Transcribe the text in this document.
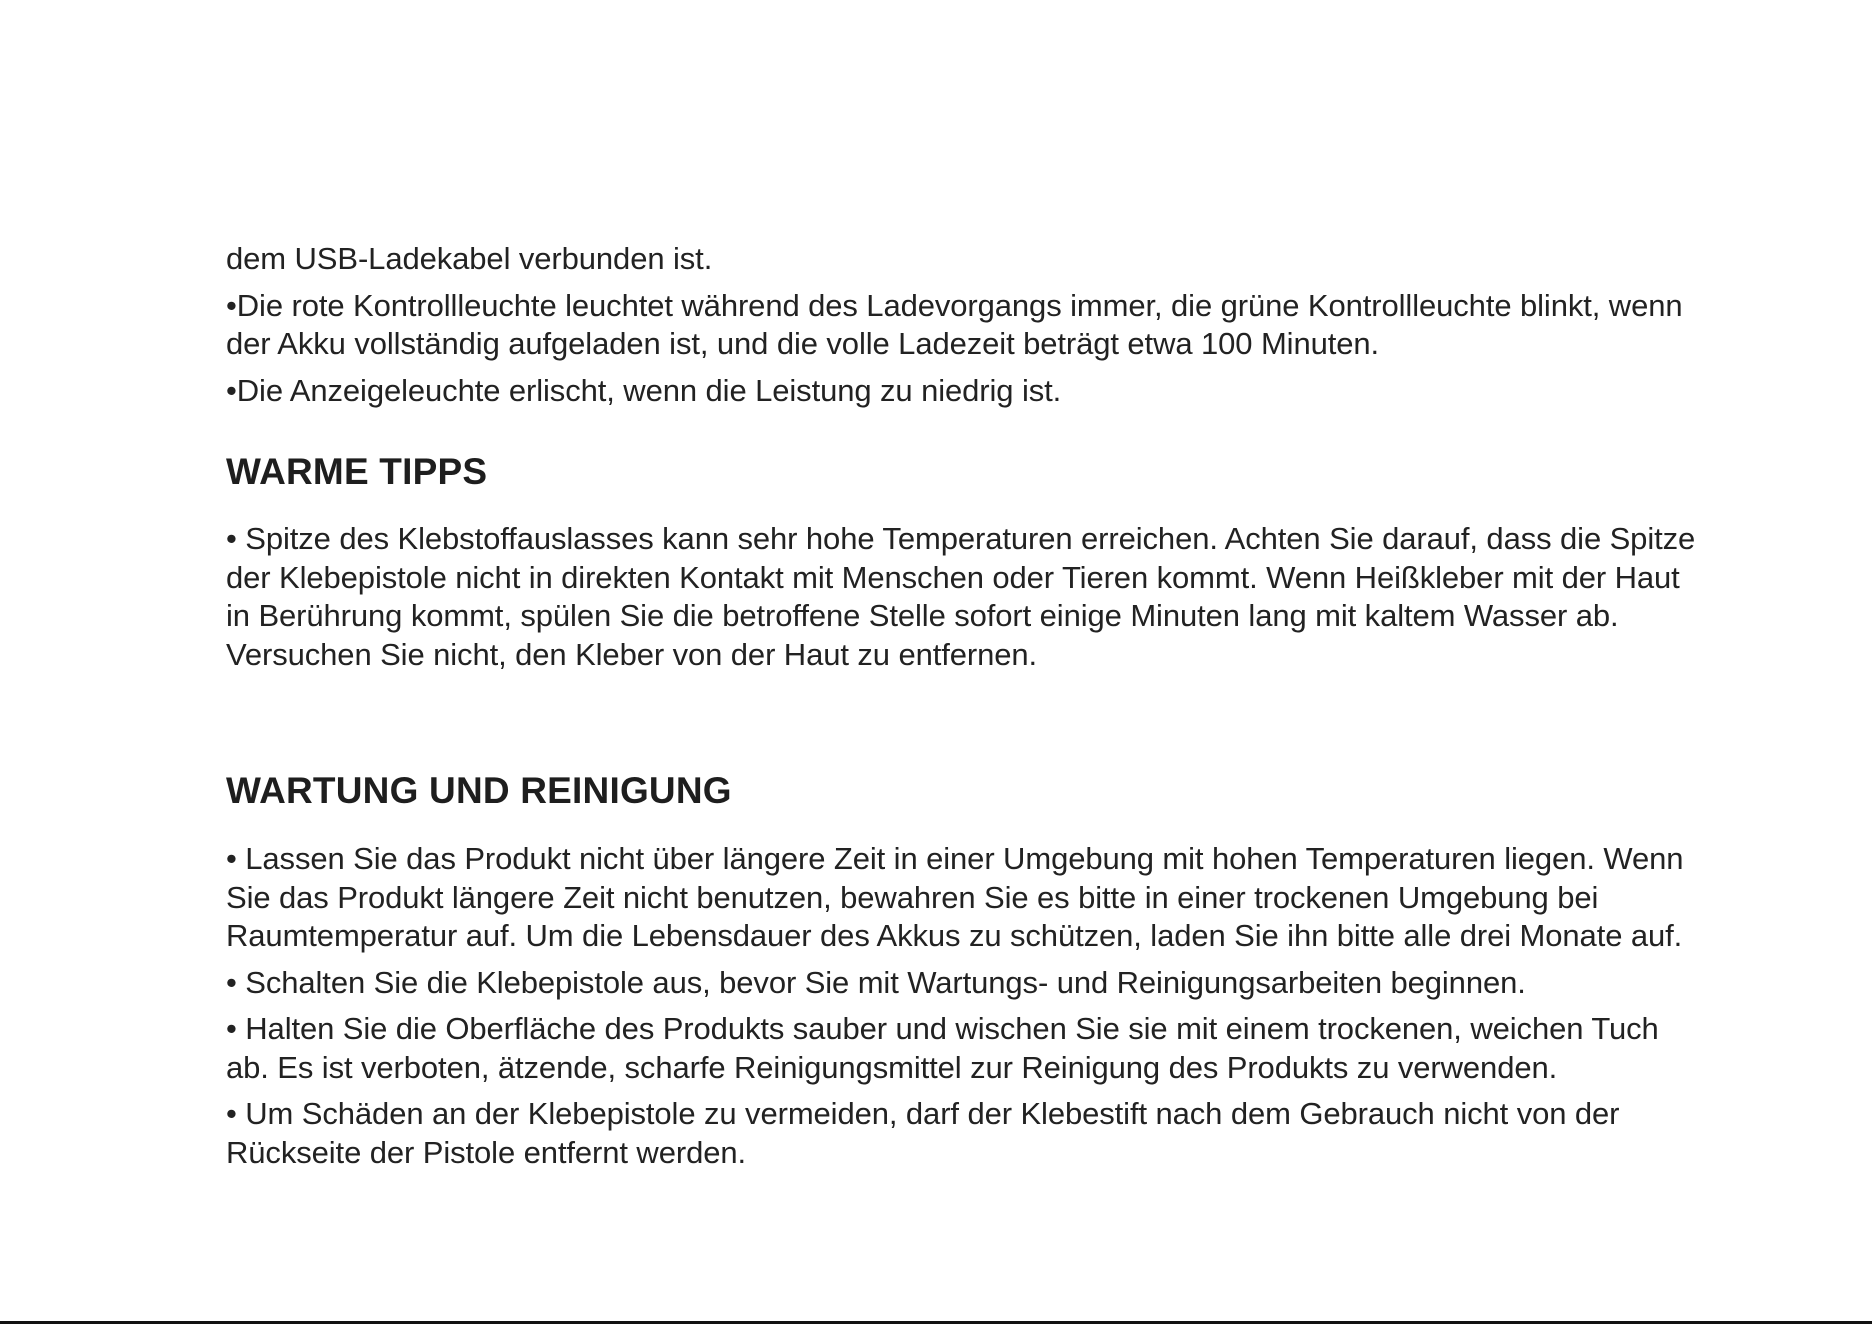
dem USB-Ladekabel verbunden ist.

•Die rote Kontrollleuchte leuchtet während des Ladevorgangs immer, die grüne Kontrollleuchte blinkt, wenn der Akku vollständig aufgeladen ist, und die volle Ladezeit beträgt etwa 100 Minuten.

•Die Anzeigeleuchte erlischt, wenn die Leistung zu niedrig ist.

WARME TIPPS

• Spitze des Klebstoffauslasses kann sehr hohe Temperaturen erreichen. Achten Sie darauf, dass die Spitze der Klebepistole nicht in direkten Kontakt mit Menschen oder Tieren kommt. Wenn Heißkleber mit der Haut in Berührung kommt, spülen Sie die betroffene Stelle sofort einige Minuten lang mit kaltem Wasser ab. Versuchen Sie nicht, den Kleber von der Haut zu entfernen.

WARTUNG UND REINIGUNG

• Lassen Sie das Produkt nicht über längere Zeit in einer Umgebung mit hohen Temperaturen liegen. Wenn Sie das Produkt längere Zeit nicht benutzen, bewahren Sie es bitte in einer trockenen Umgebung bei Raumtemperatur auf. Um die Lebensdauer des Akkus zu schützen, laden Sie ihn bitte alle drei Monate auf.

• Schalten Sie die Klebepistole aus, bevor Sie mit Wartungs- und Reinigungsarbeiten beginnen.

• Halten Sie die Oberfläche des Produkts sauber und wischen Sie sie mit einem trockenen, weichen Tuch ab. Es ist verboten, ätzende, scharfe Reinigungsmittel zur Reinigung des Produkts zu verwenden.

• Um Schäden an der Klebepistole zu vermeiden, darf der Klebestift nach dem Gebrauch nicht von der Rückseite der Pistole entfernt werden.
